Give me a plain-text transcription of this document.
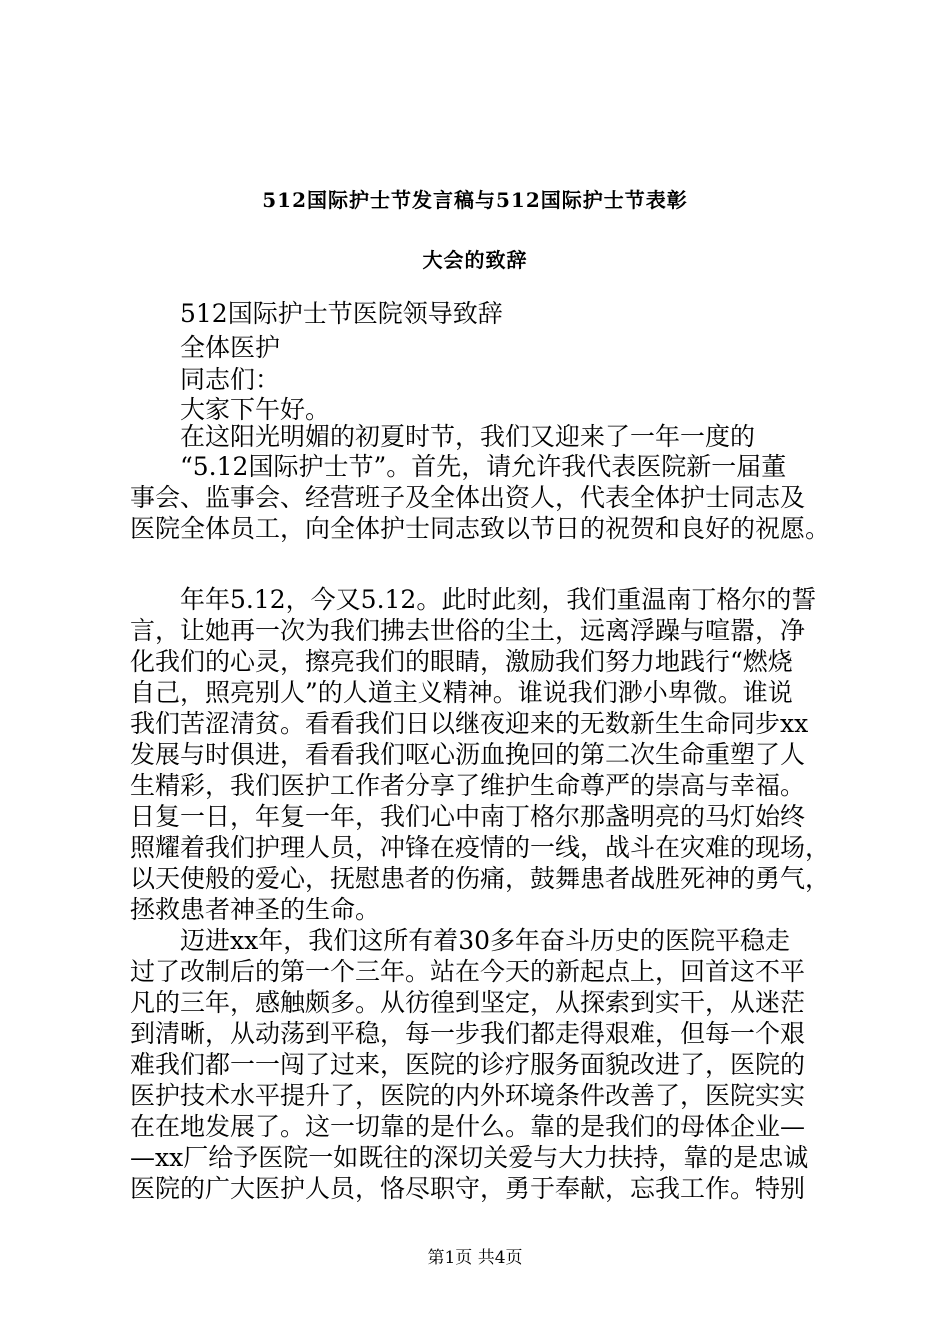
512国际护士节发言稿与512国际护士节表彰
大会的致辞

512国际护士节医院领导致辞

全体医护

同志们：

大家下午好。

在这阳光明媚的初夏时节，我们又迎来了一年一度的

“5.12国际护士节”。首先，请允许我代表医院新一届董

事会、监事会、经营班子及全体出资人，代表全体护士同志及

医院全体员工，向全体护士同志致以节日的祝贺和良好的祝愿。

年年5.12，今又5.12。此时此刻，我们重温南丁格尔的誓

言，让她再一次为我们拂去世俗的尘土，远离浮躁与喧嚣，净

化我们的心灵，擦亮我们的眼睛，激励我们努力地践行“燃烧

自己，照亮别人”的人道主义精神。谁说我们渺小卑微。谁说

我们苦涩清贫。看看我们日以继夜迎来的无数新生生命同步xx

发展与时俱进，看看我们呕心沥血挽回的第二次生命重塑了人

生精彩，我们医护工作者分享了维护生命尊严的崇高与幸福。

日复一日，年复一年，我们心中南丁格尔那盏明亮的马灯始终

照耀着我们护理人员，冲锋在疫情的一线，战斗在灾难的现场，

以天使般的爱心，抚慰患者的伤痛，鼓舞患者战胜死神的勇气，

拯救患者神圣的生命。

迈进xx年，我们这所有着30多年奋斗历史的医院平稳走

过了改制后的第一个三年。站在今天的新起点上，回首这不平

凡的三年，感触颇多。从彷徨到坚定，从探索到实干，从迷茫

到清晰，从动荡到平稳，每一步我们都走得艰难，但每一个艰

难我们都一一闯了过来，医院的诊疗服务面貌改进了，医院的

医护技术水平提升了，医院的内外环境条件改善了，医院实实

在在地发展了。这一切靠的是什么。靠的是我们的母体企业—

—xx厂给予医院一如既往的深切关爱与大力扶持，靠的是忠诚

医院的广大医护人员，恪尽职守，勇于奉献，忘我工作。特别

第1页 共4页
